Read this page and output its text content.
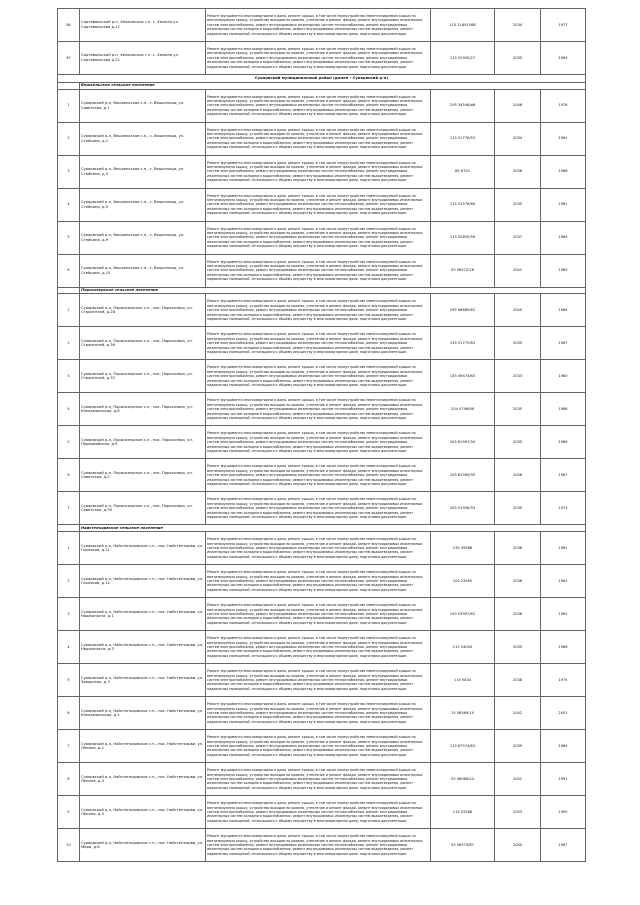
86	Сортавальский р-н, Хелюльское г.п. с. Хелюля ул. Сортавальская д.17	Ремонт фундамента многоквартирного дома, ремонт крыши, в том числе переустройство невентилируемой крыши на вентилируемую крышу, устройство выходов на кровлю, утепление и ремонт фасада, ремонт внутридомовых инженерных систем электроснабжения, ремонт внутридомовых инженерных систем теплоснабжения, ремонт внутридомовых инженерных систем холодного водоснабжения, ремонт внутридомовых инженерных систем водоотведения, ремонт подвальных помещений, относящихся к общему имуществу в многоквартирном доме, подготовка документации	115 21691588	2034	1977
87	Сортавальский р-н, Хелюльское г.п. с. Хелюля ул. Сортавальская д.22	Ремонт фундамента многоквартирного дома, ремонт крыши, в том числе переустройство невентилируемой крыши на вентилируемую крышу, устройство выходов на кровлю, утепление и ремонт фасада, ремонт внутридомовых инженерных систем электроснабжения, ремонт внутридомовых инженерных систем теплоснабжения, ремонт внутридомовых инженерных систем холодного водоснабжения, ремонт внутридомовых инженерных систем водоотведения, ремонт подвальных помещений, относящихся к общему имуществу в многоквартирном доме, подготовка документации	115 52950/27	2035	1963
Суоярвский муниципальный район (далее - Суоярвский р-н)					
	Вешкельское сельское поселение				
1	Суоярвский р-н, Вешкельское с.п., с. Вешкелица, ул. Советская, д.1	Ремонт фундамента многоквартирного дома, ремонт крыши, в том числе переустройство невентилируемой крыши на вентилируемую крышу, устройство выходов на кровлю, утепление и ремонт фасада, ремонт внутридомовых инженерных систем электроснабжения, ремонт внутридомовых инженерных систем теплоснабжения, ремонт внутридомовых инженерных систем холодного водоснабжения, ремонт внутридомовых инженерных систем водоотведения, ремонт подвальных помещений, относящихся к общему имуществу в многоквартирном доме, подготовка документации	295 34546/рб	2046	1976
2	Суоярвский р-н, Вешкельское с.п., с. Вешкелица, ул. Стейкина, д.1	Ремонт фундамента многоквартирного дома, ремонт крыши, в том числе переустройство невентилируемой крыши на вентилируемую крышу, устройство выходов на кровлю, утепление и ремонт фасада, ремонт внутридомовых инженерных систем электроснабжения, ремонт внутридомовых инженерных систем теплоснабжения, ремонт внутридомовых инженерных систем холодного водоснабжения, ремонт внутридомовых инженерных систем водоотведения, ремонт подвальных помещений, относящихся к общему имуществу в многоквартирном доме, подготовка документации	115 51778/53	2034	1961
3	Суоярвский р-н, Вешкельское с.п., с. Вешкелица, ул. Стейкина, д.3	Ремонт фундамента многоквартирного дома, ремонт крыши, в том числе переустройство невентилируемой крыши на вентилируемую крышу, устройство выходов на кровлю, утепление и ремонт фасада, ремонт внутридомовых инженерных систем электроснабжения, ремонт внутридомовых инженерных систем теплоснабжения, ремонт внутридомовых инженерных систем холодного водоснабжения, ремонт внутридомовых инженерных систем водоотведения, ремонт подвальных помещений, относящихся к общему имуществу в многоквартирном доме, подготовка документации	85 6752	2038	1986
4	Суоярвский р-н, Вешкельское с.п., с. Вешкелица, ул. Стейкина, д.5	Ремонт фундамента многоквартирного дома, ремонт крыши, в том числе переустройство невентилируемой крыши на вентилируемую крышу, устройство выходов на кровлю, утепление и ремонт фасада, ремонт внутридомовых инженерных систем электроснабжения, ремонт внутридомовых инженерных систем теплоснабжения, ремонт внутридомовых инженерных систем холодного водоснабжения, ремонт внутридомовых инженерных систем водоотведения, ремонт подвальных помещений, относящихся к общему имуществу в многоквартирном доме, подготовка документации	115 51576/66	2035	1981
5	Суоярвский р-н, Вешкельское с.п., с. Вешкелица, ул. Стейкина, д.9	Ремонт фундамента многоквартирного дома, ремонт крыши, в том числе переустройство невентилируемой крыши на вентилируемую крышу, устройство выходов на кровлю, утепление и ремонт фасада, ремонт внутридомовых инженерных систем электроснабжения, ремонт внутридомовых инженерных систем теплоснабжения, ремонт внутридомовых инженерных систем холодного водоснабжения, ремонт внутридомовых инженерных систем водоотведения, ремонт подвальных помещений, относящихся к общему имуществу в многоквартирном доме, подготовка документации	115 52650/56	2037	1984
6	Суоярвский р-н, Вешкельское с.п., с. Вешкелица, ул. Стейкина, д.15	Ремонт фундамента многоквартирного дома, ремонт крыши, в том числе переустройство невентилируемой крыши на вентилируемую крышу, устройство выходов на кровлю, утепление и ремонт фасада, ремонт внутридомовых инженерных систем электроснабжения, ремонт внутридомовых инженерных систем теплоснабжения, ремонт внутридомовых инженерных систем холодного водоснабжения, ремонт внутридомовых инженерных систем водоотведения, ремонт подвальных помещений, относящихся к общему имуществу в многоквартирном доме, подготовка документации	05 56572/16	2041	1985
	Поросозерское сельское поселение				
1	Суоярвский р-н, Поросозерское с.п., пос. Поросозеро, ул. Строителей, д.28	Ремонт фундамента многоквартирного дома, ремонт крыши, в том числе переустройство невентилируемой крыши на вентилируемую крышу, устройство выходов на кровлю, утепление и ремонт фасада, ремонт внутридомовых инженерных систем электроснабжения, ремонт внутридомовых инженерных систем теплоснабжения, ремонт внутридомовых инженерных систем холодного водоснабжения, ремонт внутридомовых инженерных систем водоотведения, ремонт подвальных помещений, относящихся к общему имуществу в многоквартирном доме, подготовка документации	295 66689/62	2040	1984
2	Суоярвский р-н, Поросозерское с.п., пос. Поросозеро, ул. Строителей, д.36	Ремонт фундамента многоквартирного дома, ремонт крыши, в том числе переустройство невентилируемой крыши на вентилируемую крышу, устройство выходов на кровлю, утепление и ремонт фасада, ремонт внутридомовых инженерных систем электроснабжения, ремонт внутридомовых инженерных систем теплоснабжения, ремонт внутридомовых инженерных систем холодного водоснабжения, ремонт внутридомовых инженерных систем водоотведения, ремонт подвальных помещений, относящихся к общему имуществу в многоквартирном доме, подготовка документации	135 51775/63	2035	1987
3	Суоярвский р-н, Поросозерское с.п., пос. Поросозеро, ул. Строителей, д.32	Ремонт фундамента многоквартирного дома, ремонт крыши, в том числе переустройство невентилируемой крыши на вентилируемую крышу, устройство выходов на кровлю, утепление и ремонт фасада, ремонт внутридомовых инженерных систем электроснабжения, ремонт внутридомовых инженерных систем теплоснабжения, ремонт внутридомовых инженерных систем холодного водоснабжения, ремонт внутридомовых инженерных систем водоотведения, ремонт подвальных помещений, относящихся к общему имуществу в многоквартирном доме, подготовка документации	135 49474/65	2033	1980
4	Суоярвский р-н, Поросозерское с.п., пос. Поросозеро, ул. Комсомольская, д.8	Ремонт фундамента многоквартирного дома, ремонт крыши, в том числе переустройство невентилируемой крыши на вентилируемую крышу, устройство выходов на кровлю, утепление и ремонт фасада, ремонт внутридомовых инженерных систем электроснабжения, ремонт внутридомовых инженерных систем теплоснабжения, ремонт внутридомовых инженерных систем холодного водоснабжения, ремонт внутридомовых инженерных систем водоотведения, ремонт подвальных помещений, относящихся к общему имуществу в многоквартирном доме, подготовка документации	204 4796/66	2035	1986
5	Суоярвский р-н, Поросозерское с.п., пос. Поросозеро, ул. Первомайская, д.9	Ремонт фундамента многоквартирного дома, ремонт крыши, в том числе переустройство невентилируемой крыши на вентилируемую крышу, устройство выходов на кровлю, утепление и ремонт фасада, ремонт внутридомовых инженерных систем электроснабжения, ремонт внутридомовых инженерных систем теплоснабжения, ремонт внутридомовых инженерных систем холодного водоснабжения, ремонт внутридомовых инженерных систем водоотведения, ремонт подвальных помещений, относящихся к общему имуществу в многоквартирном доме, подготовка документации	205 61567/34	2035	1986
6	Суоярвский р-н, Поросозерское с.п., пос. Поросозеро, ул. Советская, д.2	Ремонт фундамента многоквартирного дома, ремонт крыши, в том числе переустройство невентилируемой крыши на вентилируемую крышу, устройство выходов на кровлю, утепление и ремонт фасада, ремонт внутридомовых инженерных систем электроснабжения, ремонт внутридомовых инженерных систем теплоснабжения, ремонт внутридомовых инженерных систем холодного водоснабжения, ремонт внутридомовых инженерных систем водоотведения, ремонт подвальных помещений, относящихся к общему имуществу в многоквартирном доме, подготовка документации	205 61589/35	2046	1967
7	Суоярвский р-н, Поросозерское с.п., пос. Поросозеро, ул. Советская, д.30	Ремонт фундамента многоквартирного дома, ремонт крыши, в том числе переустройство невентилируемой крыши на вентилируемую крышу, устройство выходов на кровлю, утепление и ремонт фасада, ремонт внутридомовых инженерных систем электроснабжения, ремонт внутридомовых инженерных систем теплоснабжения, ремонт внутридомовых инженерных систем холодного водоснабжения, ремонт внутридомовых инженерных систем водоотведения, ремонт подвальных помещений, относящихся к общему имуществу в многоквартирном доме, подготовка документации	205 51956/33	2039	1973
	Найстенъярвское сельское поселение				
1	Суоярвский р-н, Найстенъярвское с.п., пос. Найстенъярви, ул. Горняков, д.11	Ремонт фундамента многоквартирного дома, ремонт крыши, в том числе переустройство невентилируемой крыши на вентилируемую крышу, устройство выходов на кровлю, утепление и ремонт фасада, ремонт внутридомовых инженерных систем электроснабжения, ремонт внутридомовых инженерных систем теплоснабжения, ремонт внутридомовых инженерных систем холодного водоснабжения, ремонт внутридомовых инженерных систем водоотведения, ремонт подвальных помещений, относящихся к общему имуществу в многоквартирном доме, подготовка документации	135 49586	2036	1961
2	Суоярвский р-н, Найстенъярвское с.п., пос. Найстенъярви, ул. Горняков, д.12	Ремонт фундамента многоквартирного дома, ремонт крыши, в том числе переустройство невентилируемой крыши на вентилируемую крышу, устройство выходов на кровлю, утепление и ремонт фасада, ремонт внутридомовых инженерных систем электроснабжения, ремонт внутридомовых инженерных систем теплоснабжения, ремонт внутридомовых инженерных систем холодного водоснабжения, ремонт внутридомовых инженерных систем водоотведения, ремонт подвальных помещений, относящихся к общему имуществу в многоквартирном доме, подготовка документации	105 23565	2038	1981
3	Суоярвский р-н, Найстенъярвское с.п., пос. Найстенъярви, ул. Надежности, д.1	Ремонт фундамента многоквартирного дома, ремонт крыши, в том числе переустройство невентилируемой крыши на вентилируемую крышу, устройство выходов на кровлю, утепление и ремонт фасада, ремонт внутридомовых инженерных систем электроснабжения, ремонт внутридомовых инженерных систем теплоснабжения, ремонт внутридомовых инженерных систем холодного водоснабжения, ремонт внутридомовых инженерных систем водоотведения, ремонт подвальных помещений, относящихся к общему имуществу в многоквартирном доме, подготовка документации	155 53997/62	2038	1962
4	Суоярвский р-н, Найстенъярвское с.п., пос. Найстенъярви, ул. Надежности, д.3	Ремонт фундамента многоквартирного дома, ремонт крыши, в том числе переустройство невентилируемой крыши на вентилируемую крышу, устройство выходов на кровлю, утепление и ремонт фасада, ремонт внутридомовых инженерных систем электроснабжения, ремонт внутридомовых инженерных систем теплоснабжения, ремонт внутридомовых инженерных систем холодного водоснабжения, ремонт внутридомовых инженерных систем водоотведения, ремонт подвальных помещений, относящихся к общему имуществу в многоквартирном доме, подготовка документации	115 54045	2035	1966
5	Суоярвский р-н, Найстенъярвское с.п., пос. Найстенъярви, ул. Заводская, д.3	Ремонт фундамента многоквартирного дома, ремонт крыши, в том числе переустройство невентилируемой крыши на вентилируемую крышу, устройство выходов на кровлю, утепление и ремонт фасада, ремонт внутридомовых инженерных систем электроснабжения, ремонт внутридомовых инженерных систем теплоснабжения, ремонт внутридомовых инженерных систем холодного водоснабжения, ремонт внутридомовых инженерных систем водоотведения, ремонт подвальных помещений, относящихся к общему имуществу в многоквартирном доме, подготовка документации	115 5834	2038	1975
6	Суоярвский р-н, Найстенъярвское с.п., пос. Найстенъярви, ул. Комсомольская, д.2	Ремонт фундамента многоквартирного дома, ремонт крыши, в том числе переустройство невентилируемой крыши на вентилируемую крышу, устройство выходов на кровлю, утепление и ремонт фасада, ремонт внутридомовых инженерных систем электроснабжения, ремонт внутридомовых инженерных систем теплоснабжения, ремонт внутридомовых инженерных систем холодного водоснабжения, ремонт внутридомовых инженерных систем водоотведения, ремонт подвальных помещений, относящихся к общему имуществу в многоквартирном доме, подготовка документации	15 56569/19	2042	2001
7	Суоярвский р-н, Найстенъярвское с.п., пос. Найстенъярви, ул. Ленина, д.1	Ремонт фундамента многоквартирного дома, ремонт крыши, в том числе переустройство невентилируемой крыши на вентилируемую крышу, устройство выходов на кровлю, утепление и ремонт фасада, ремонт внутридомовых инженерных систем электроснабжения, ремонт внутридомовых инженерных систем теплоснабжения, ремонт внутридомовых инженерных систем холодного водоснабжения, ремонт внутридомовых инженерных систем водоотведения, ремонт подвальных помещений, относящихся к общему имуществу в многоквартирном доме, подготовка документации	115 67574/63	2039	1984
8	Суоярвский р-н, Найстенъярвское с.п., пос. Найстенъярви, ул. Ленина, д.3	Ремонт фундамента многоквартирного дома, ремонт крыши, в том числе переустройство невентилируемой крыши на вентилируемую крышу, устройство выходов на кровлю, утепление и ремонт фасада, ремонт внутридомовых инженерных систем электроснабжения, ремонт внутридомовых инженерных систем теплоснабжения, ремонт внутридомовых инженерных систем холодного водоснабжения, ремонт внутридомовых инженерных систем водоотведения, ремонт подвальных помещений, относящихся к общему имуществу в многоквартирном доме, подготовка документации	05 56068/24	2042	1991
9	Суоярвский р-н, Найстенъярвское с.п., пос. Найстенъярви, ул. Ленина, д.5	Ремонт фундамента многоквартирного дома, ремонт крыши, в том числе переустройство невентилируемой крыши на вентилируемую крышу, устройство выходов на кровлю, утепление и ремонт фасада, ремонт внутридомовых инженерных систем электроснабжения, ремонт внутридомовых инженерных систем теплоснабжения, ремонт внутридомовых инженерных систем холодного водоснабжения, ремонт внутридомовых инженерных систем водоотведения, ремонт подвальных помещений, относящихся к общему имуществу в многоквартирном доме, подготовка документации	115 52568	2053	1990
10	Суоярвский р-н, Найстенъярвское с.п., пос. Найстенъярви, ул. Мира, д.6	Ремонт фундамента многоквартирного дома, ремонт крыши, в том числе переустройство невентилируемой крыши на вентилируемую крышу, устройство выходов на кровлю, утепление и ремонт фасада, ремонт внутридомовых инженерных систем электроснабжения, ремонт внутридомовых инженерных систем теплоснабжения, ремонт внутридомовых инженерных систем холодного водоснабжения, ремонт внутридомовых инженерных систем водоотведения, ремонт подвальных помещений, относящихся к общему имуществу в многоквартирном доме, подготовка документации	05 56573/87	2040	1987
